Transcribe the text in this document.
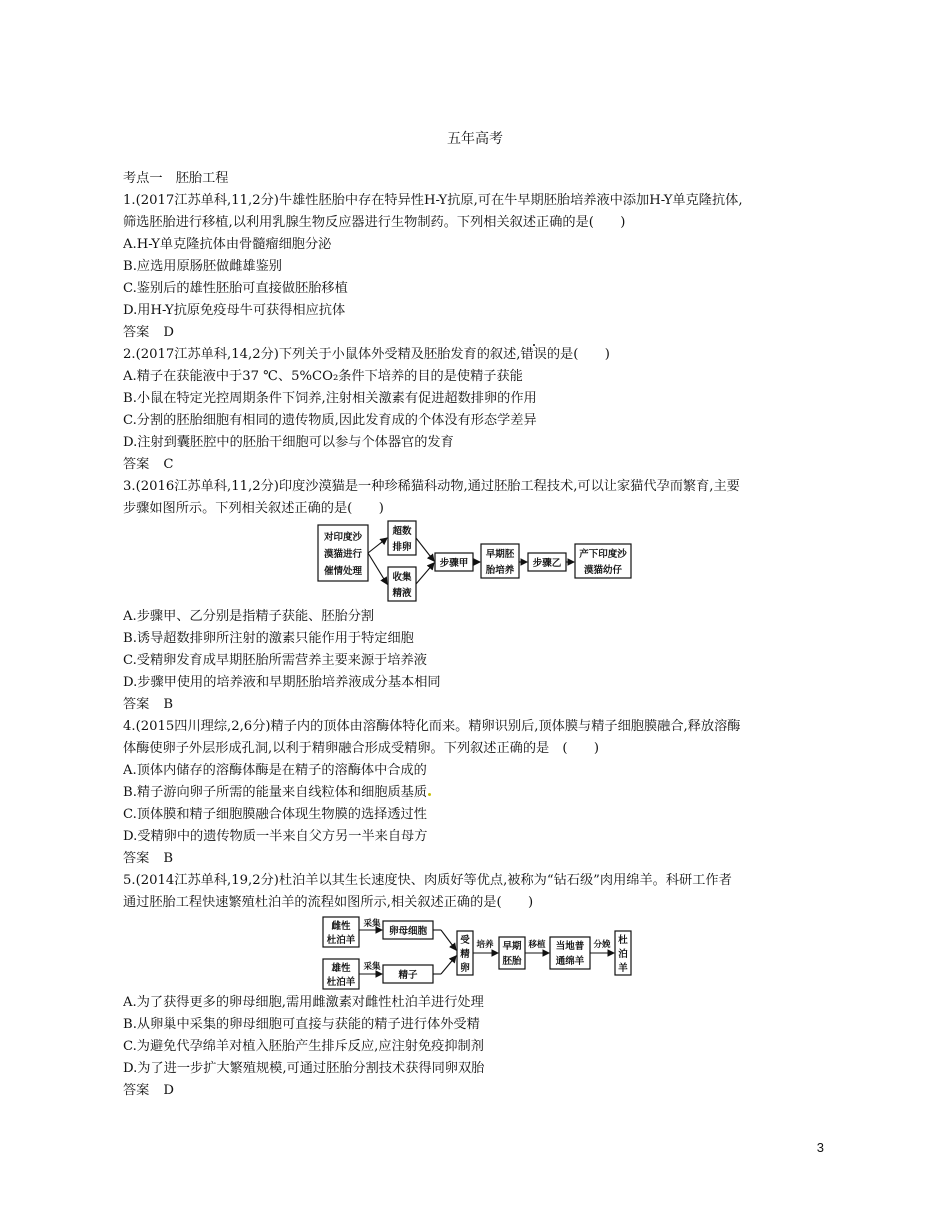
五年高考
考点一　胚胎工程
1.(2017江苏单科,11,2分)牛雄性胚胎中存在特异性H-Y抗原,可在牛早期胚胎培养液中添加H-Y单克隆抗体,
筛选胚胎进行移植,以利用乳腺生物反应器进行生物制药。下列相关叙述正确的是(　　)
A.H-Y单克隆抗体由骨髓瘤细胞分泌
B.应选用原肠胚做雌雄鉴别
C.鉴别后的雄性胚胎可直接做胚胎移植
D.用H-Y抗原免疫母牛可获得相应抗体
答案 D
2.(2017江苏单科,14,2分)下列关于小鼠体外受精及胚胎发育的叙述,错误的是(　　)
A.精子在获能液中于37 ℃、5%CO₂条件下培养的目的是使精子获能
B.小鼠在特定光控周期条件下饲养,注射相关激素有促进超数排卵的作用
C.分割的胚胎细胞有相同的遗传物质,因此发育成的个体没有形态学差异
D.注射到囊胚腔中的胚胎干细胞可以参与个体器官的发育
答案 C
3.(2016江苏单科,11,2分)印度沙漠猫是一种珍稀猫科动物,通过胚胎工程技术,可以让家猫代孕而繁育,主要
步骤如图所示。下列相关叙述正确的是(　　)
对印度沙
漠猫进行
催情处理
超数
排卵
收集
精液
步骤甲
早期胚
胎培养
步骤乙
产下印度沙
漠猫幼仔
A.步骤甲、乙分别是指精子获能、胚胎分割
B.诱导超数排卵所注射的激素只能作用于特定细胞
C.受精卵发育成早期胚胎所需营养主要来源于培养液
D.步骤甲使用的培养液和早期胚胎培养液成分基本相同
答案 B
4.(2015四川理综,2,6分)精子内的顶体由溶酶体特化而来。精卵识别后,顶体膜与精子细胞膜融合,释放溶酶
体酶使卵子外层形成孔洞,以利于精卵融合形成受精卵。下列叙述正确的是　(　　)
A.顶体内储存的溶酶体酶是在精子的溶酶体中合成的
B.精子游向卵子所需的能量来自线粒体和细胞质基质
C.顶体膜和精子细胞膜融合体现生物膜的选择透过性
D.受精卵中的遗传物质一半来自父方另一半来自母方
答案 B
5.(2014江苏单科,19,2分)杜泊羊以其生长速度快、肉质好等优点,被称为“钻石级”肉用绵羊。科研工作者
通过胚胎工程快速繁殖杜泊羊的流程如图所示,相关叙述正确的是(　　)
雌性
杜泊羊
采集
卵母细胞
雄性
杜泊羊
采集
精子
受
精
卵
培养 早期
胚胎
移植 当地普
通绵羊
分娩 杜
泊
羊
A.为了获得更多的卵母细胞,需用雌激素对雌性杜泊羊进行处理
B.从卵巢中采集的卵母细胞可直接与获能的精子进行体外受精
C.为避免代孕绵羊对植入胚胎产生排斥反应,应注射免疫抑制剂
D.为了进一步扩大繁殖规模,可通过胚胎分割技术获得同卵双胎
答案 D
3
